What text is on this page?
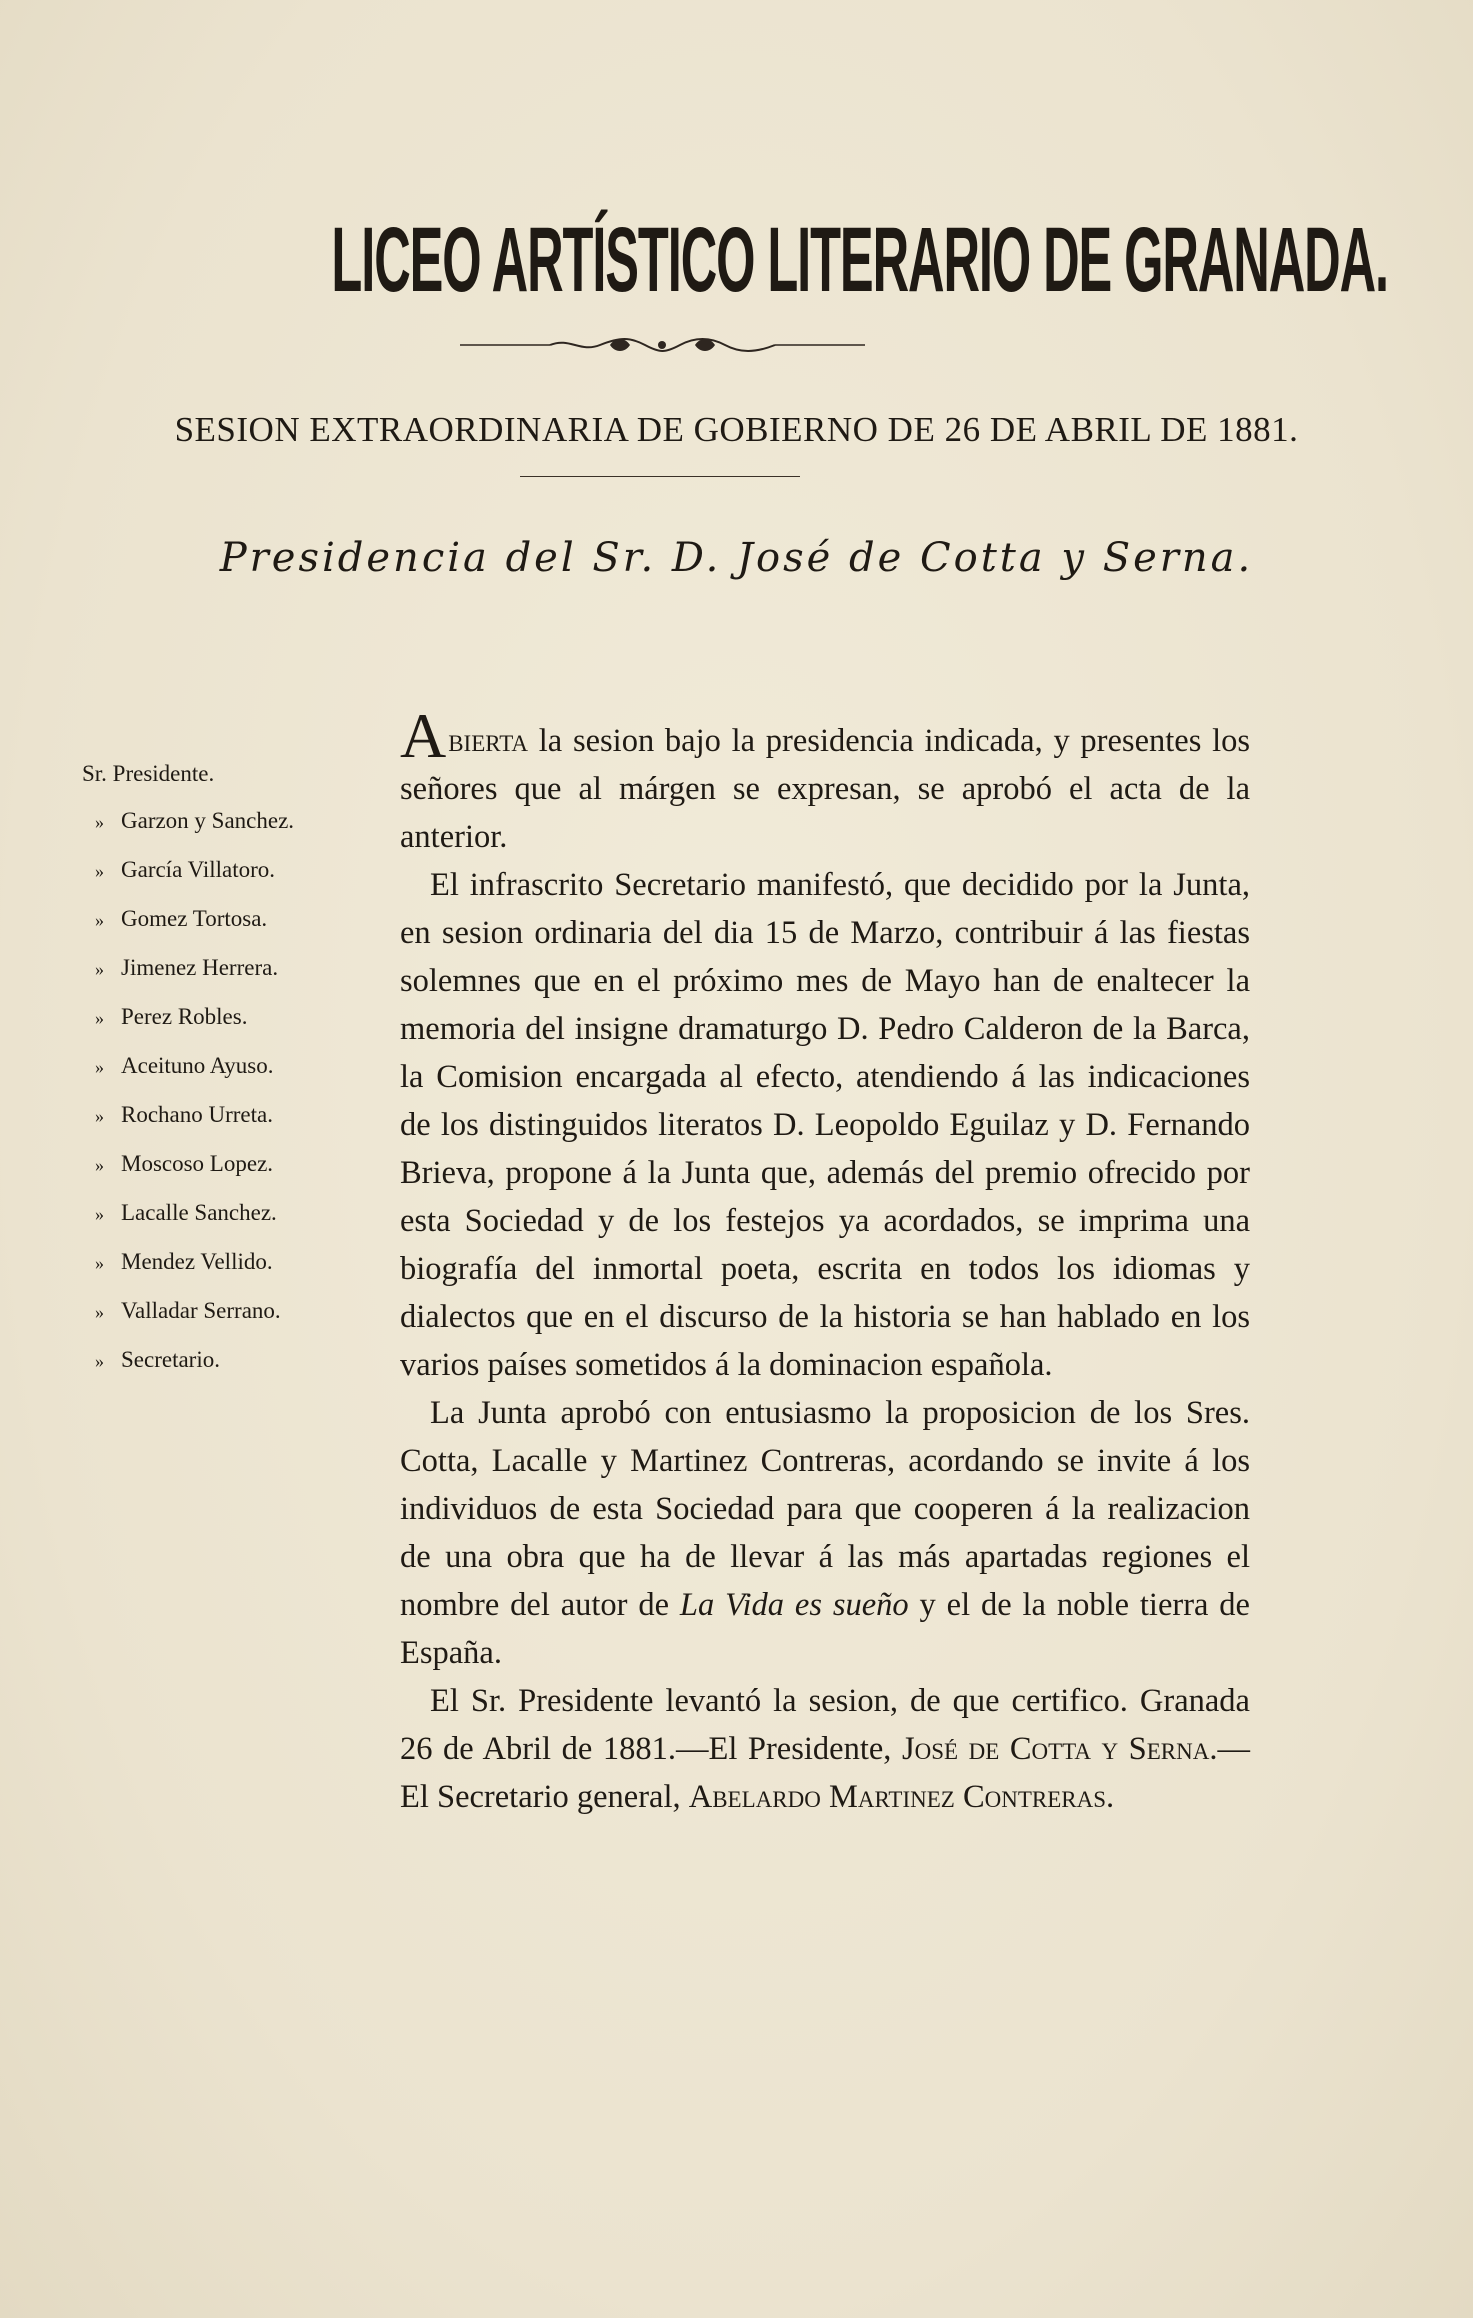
LICEO ARTÍSTICO LITERARIO DE GRANADA.
SESION EXTRAORDINARIA DE GOBIERNO DE 26 DE ABRIL DE 1881.
Presidencia del Sr. D. José de Cotta y Serna.
Sr. Presidente.
» Garzon y Sanchez.
» García Villatoro.
» Gomez Tortosa.
» Jimenez Herrera.
» Perez Robles.
» Aceituno Ayuso.
» Rochano Urreta.
» Moscoso Lopez.
» Lacalle Sanchez.
» Mendez Vellido.
» Valladar Serrano.
» Secretario.

Abierta la sesion bajo la presidencia indicada, y presentes los señores que al márgen se expresan, se aprobó el acta de la anterior.

El infrascrito Secretario manifestó, que decidido por la Junta, en sesion ordinaria del dia 15 de Marzo, contribuir á las fiestas solemnes que en el próximo mes de Mayo han de enaltecer la memoria del insigne dramaturgo D. Pedro Calderon de la Barca, la Comision encargada al efecto, atendiendo á las indicaciones de los distinguidos literatos D. Leopoldo Eguilaz y D. Fernando Brieva, propone á la Junta que, además del premio ofrecido por esta Sociedad y de los festejos ya acordados, se imprima una biografía del inmortal poeta, escrita en todos los idiomas y dialectos que en el discurso de la historia se han hablado en los varios países sometidos á la dominacion española.

La Junta aprobó con entusiasmo la proposicion de los Sres. Cotta, Lacalle y Martinez Contreras, acordando se invite á los individuos de esta Sociedad para que cooperen á la realizacion de una obra que ha de llevar á las más apartadas regiones el nombre del autor de La Vida es sueño y el de la noble tierra de España.

El Sr. Presidente levantó la sesion, de que certifico. Granada 26 de Abril de 1881.—El Presidente, José de Cotta y Serna.—El Secretario general, Abelardo Martinez Contreras.
